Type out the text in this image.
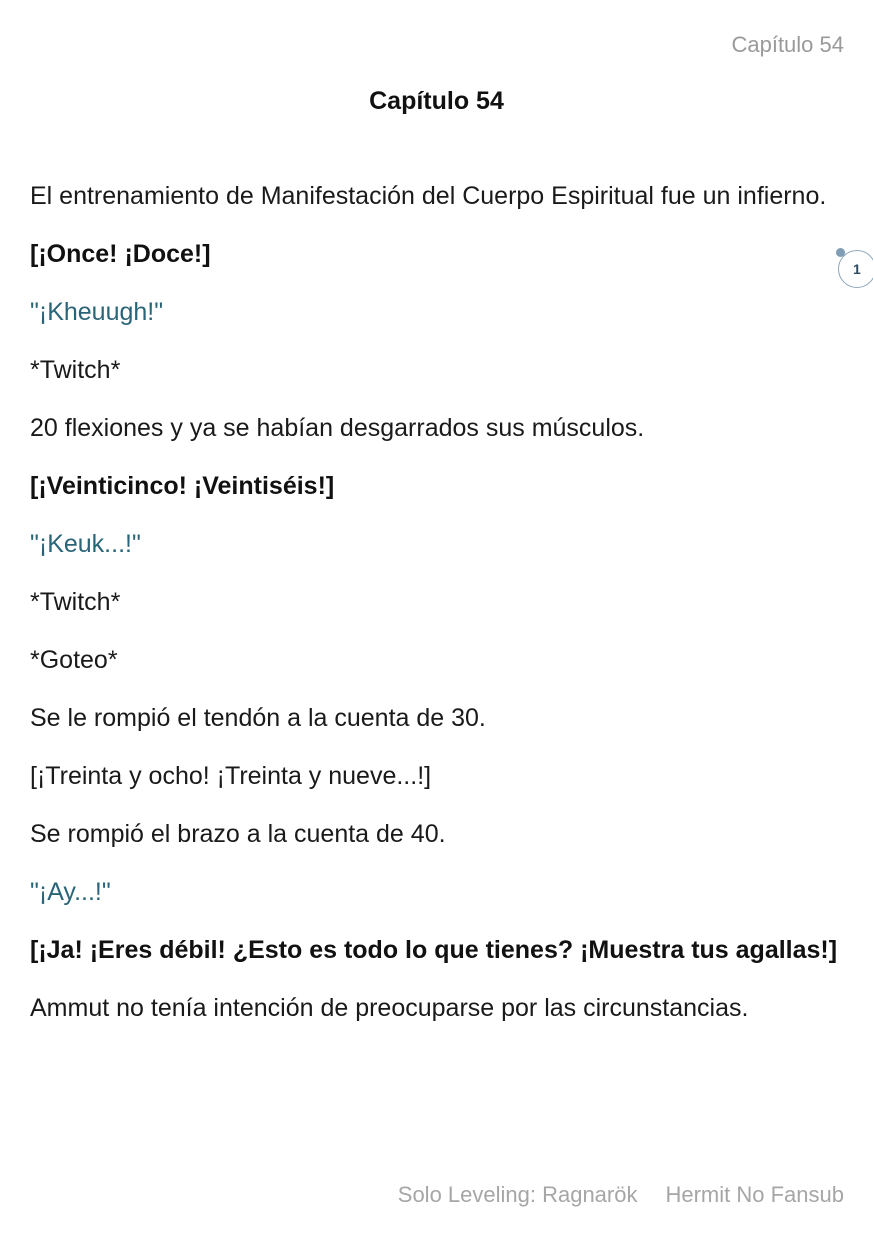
Capítulo 54
Capítulo 54

El entrenamiento de Manifestación del Cuerpo Espiritual fue un infierno.

[¡Once! ¡Doce!]

"¡Kheuugh!"

*Twitch*

20 flexiones y ya se habían desgarrados sus músculos.

[¡Veinticinco! ¡Veintiséis!]

"¡Keuk...!"

*Twitch*

*Goteo*

Se le rompió el tendón a la cuenta de 30.

[¡Treinta y ocho! ¡Treinta y nueve...!]

Se rompió el brazo a la cuenta de 40.

"¡Ay...!"

[¡Ja! ¡Eres débil! ¿Esto es todo lo que tienes? ¡Muestra tus agallas!]

Ammut no tenía intención de preocuparse por las circunstancias.

1
Solo Leveling: Ragnarök Hermit No Fansub
